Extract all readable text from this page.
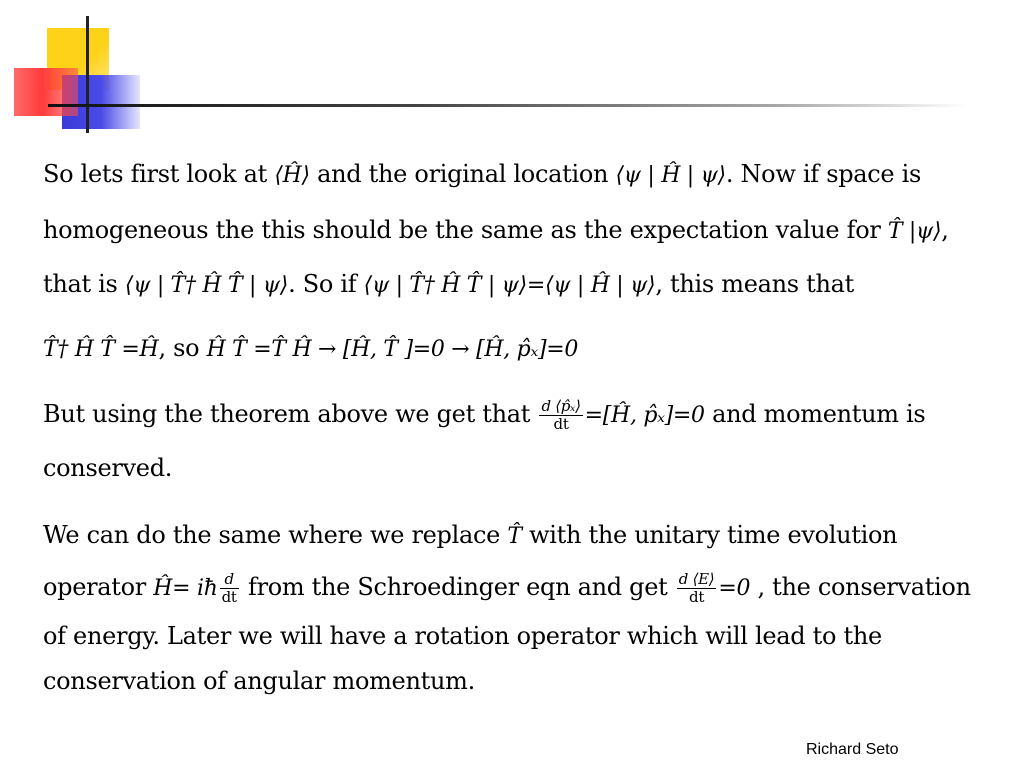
So lets first look at ⟨Ĥ⟩ and the original location ⟨ψ | Ĥ | ψ⟩. Now if space is
homogeneous the this should be the same as the expectation value for T̂ |ψ⟩,
that is ⟨ψ | T̂† Ĥ T̂ | ψ⟩. So if ⟨ψ | T̂† Ĥ T̂ | ψ⟩=⟨ψ | Ĥ | ψ⟩, this means that
T̂† Ĥ T̂ =Ĥ, so Ĥ T̂ =T̂ Ĥ → [Ĥ, T̂ ]=0 → [Ĥ, p̂ₓ]=0
But using the theorem above we get that $\frac{\text{d ⟨p̂ₓ⟩}}{dt}$ =[Ĥ, p̂ₓ]=0 and momentum is
conserved.
We can do the same where we replace T̂ with the unitary time evolution
operator Ĥ= iħ $\frac{d}{dt}$ from the Schroedinger eqn and get $\frac{d ⟨E⟩}{dt} =0$ , the conservation
of energy. Later we will have a rotation operator which will lead to the
conservation of angular momentum.
Richard Seto
